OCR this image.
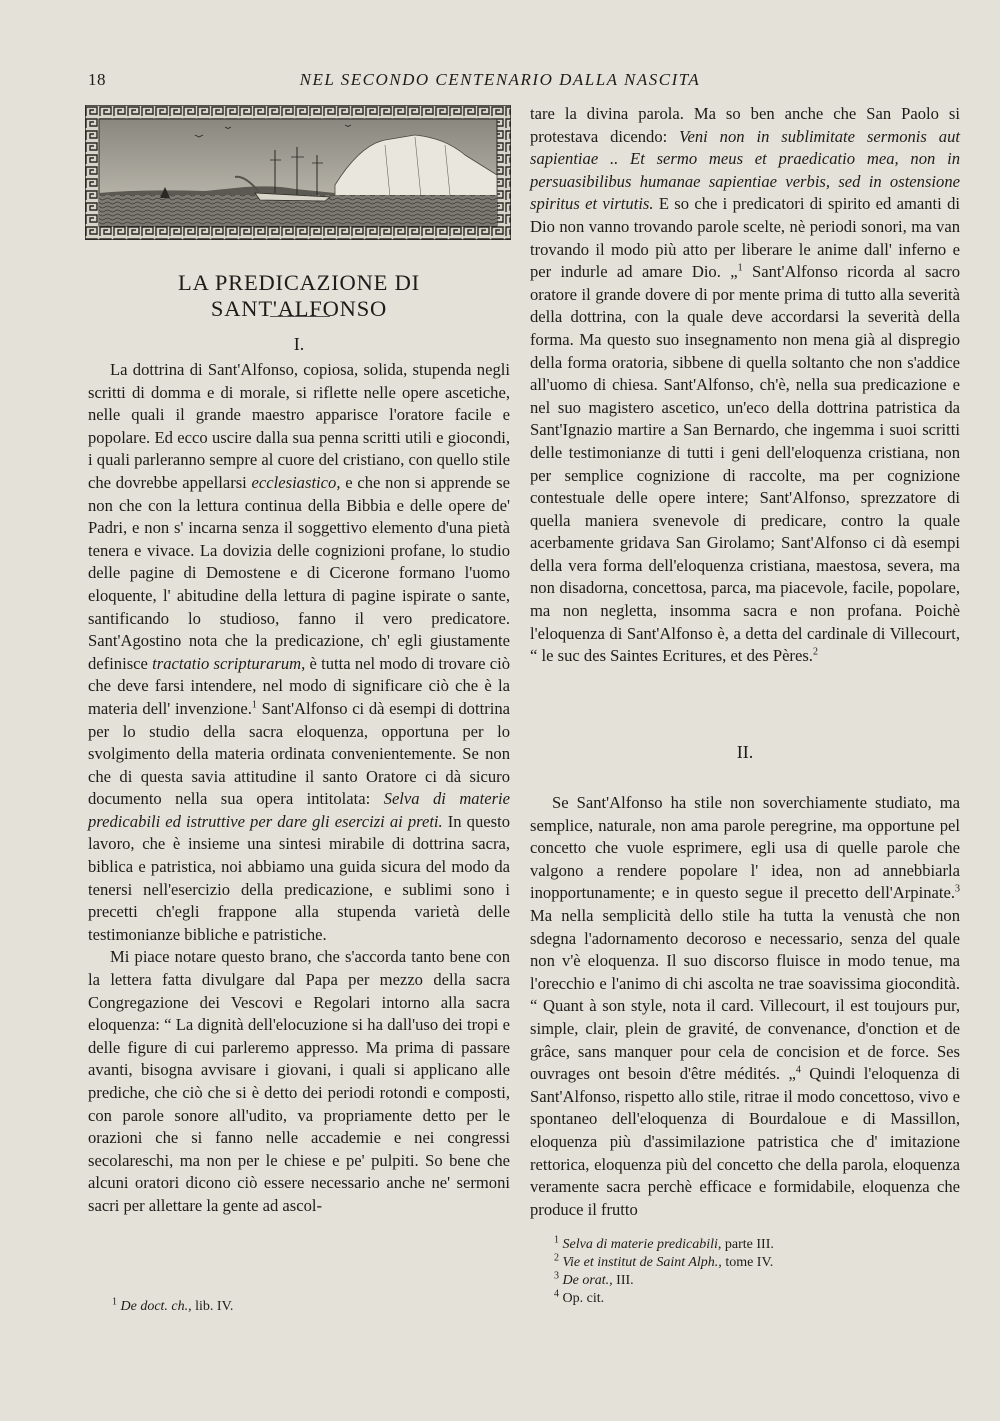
18	NEL SECONDO CENTENARIO DALLA NASCITA
LA PREDICAZIONE DI SANT'ALFONSO
I.

La dottrina di Sant'Alfonso, copiosa, solida, stupenda negli scritti di domma e di morale, si riflette nelle opere ascetiche, nelle quali il grande maestro apparisce l'oratore facile e popolare. Ed ecco uscire dalla sua penna scritti utili e giocondi, i quali parleranno sempre al cuore del cristiano, con quello stile che dovrebbe appellarsi ecclesiastico, e che non si apprende se non che con la lettura continua della Bibbia e delle opere de' Padri, e non s' incarna senza il soggettivo elemento d'una pietà tenera e vivace. La dovizia delle cognizioni profane, lo studio delle pagine di Demostene e di Cicerone formano l'uomo eloquente, l' abitudine della lettura di pagine ispirate o sante, santificando lo studioso, fanno il vero predicatore. Sant'Agostino nota che la predicazione, ch' egli giustamente definisce tractatio scripturarum, è tutta nel modo di trovare ciò che deve farsi intendere, nel modo di significare ciò che è la materia dell' invenzione.$^1$ Sant'Alfonso ci dà esempi di dottrina per lo studio della sacra eloquenza, opportuna per lo svolgimento della materia ordinata convenientemente. Se non che di questa savia attitudine il santo Oratore ci dà sicuro documento nella sua opera intitolata: Selva di materie predicabili ed istruttive per dare gli esercizi ai preti. In questo lavoro, che è insieme una sintesi mirabile di dottrina sacra, biblica e patristica, noi abbiamo una guida sicura del modo da tenersi nell'esercizio della predicazione, e sublimi sono i precetti ch'egli frappone alla stupenda varietà delle testimonianze bibliche e patristiche.

Mi piace notare questo brano, che s'accorda tanto bene con la lettera fatta divulgare dal Papa per mezzo della sacra Congregazione dei Vescovi e Regolari intorno alla sacra eloquenza: “ La dignità dell'elocuzione si ha dall'uso dei tropi e delle figure di cui parleremo appresso. Ma prima di passare avanti, bisogna avvisare i giovani, i quali si applicano alle prediche, che ciò che si è detto dei periodi rotondi e composti, con parole sonore all'udito, va propriamente detto per le orazioni che si fanno nelle accademie e nei congressi secolareschi, ma non per le chiese e pe' pulpiti. So bene che alcuni oratori dicono ciò essere necessario anche ne' sermoni sacri per allettare la gente ad ascol-

$^1$ De doct. ch., lib. IV.

tare la divina parola. Ma so ben anche che San Paolo si protestava dicendo: Veni non in sublimitate sermonis aut sapientiae .. Et sermo meus et praedicatio mea, non in persuasibilibus humanae sapientiae verbis, sed in ostensione spiritus et virtutis. E so che i predicatori di spirito ed amanti di Dio non vanno trovando parole scelte, nè periodi sonori, ma van trovando il modo più atto per liberare le anime dall' inferno e per indurle ad amare Dio. „$^1$ Sant'Alfonso ricorda al sacro oratore il grande dovere di por mente prima di tutto alla severità della dottrina, con la quale deve accordarsi la severità della forma. Ma questo suo insegnamento non mena già al dispregio della forma oratoria, sibbene di quella soltanto che non s'addice all'uomo di chiesa. Sant'Alfonso, ch'è, nella sua predicazione e nel suo magistero ascetico, un'eco della dottrina patristica da Sant'Ignazio martire a San Bernardo, che ingemma i suoi scritti delle testimonianze di tutti i geni dell'eloquenza cristiana, non per semplice cognizione di raccolte, ma per cognizione contestuale delle opere intere; Sant'Alfonso, sprezzatore di quella maniera svenevole di predicare, contro la quale acerbamente gridava San Girolamo; Sant'Alfonso ci dà esempi della vera forma dell'eloquenza cristiana, maestosa, severa, ma non disadorna, concettosa, parca, ma piacevole, facile, popolare, ma non negletta, insomma sacra e non profana. Poichè l'eloquenza di Sant'Alfonso è, a detta del cardinale di Villecourt, “ le suc des Saintes Ecritures, et des Pères.$^2$

II.

Se Sant'Alfonso ha stile non soverchiamente studiato, ma semplice, naturale, non ama parole peregrine, ma opportune pel concetto che vuole esprimere, egli usa di quelle parole che valgono a rendere popolare l' idea, non ad annebbiarla inopportunamente; e in questo segue il precetto dell'Arpinate.$^3$ Ma nella semplicità dello stile ha tutta la venustà che non sdegna l'adornamento decoroso e necessario, senza del quale non v'è eloquenza. Il suo discorso fluisce in modo tenue, ma l'orecchio e l'animo di chi ascolta ne trae soavissima giocondità. “ Quant à son style, nota il card. Villecourt, il est toujours pur, simple, clair, plein de gravité, de convenance, d'onction et de grâce, sans manquer pour cela de concision et de force. Ses ouvrages ont besoin d'être médités. „$^4$ Quindi l'eloquenza di Sant'Alfonso, rispetto allo stile, ritrae il modo concettoso, vivo e spontaneo dell'eloquenza di Bourdaloue e di Massillon, eloquenza più d'assimilazione patristica che d' imitazione rettorica, eloquenza più del concetto che della parola, eloquenza veramente sacra perchè efficace e formidabile, eloquenza che produce il frutto

$^1$ Selva di materie predicabili, parte III.
$^2$ Vie et institut de Saint Alph., tome IV.
$^3$ De orat., III.
$^4$ Op. cit.
